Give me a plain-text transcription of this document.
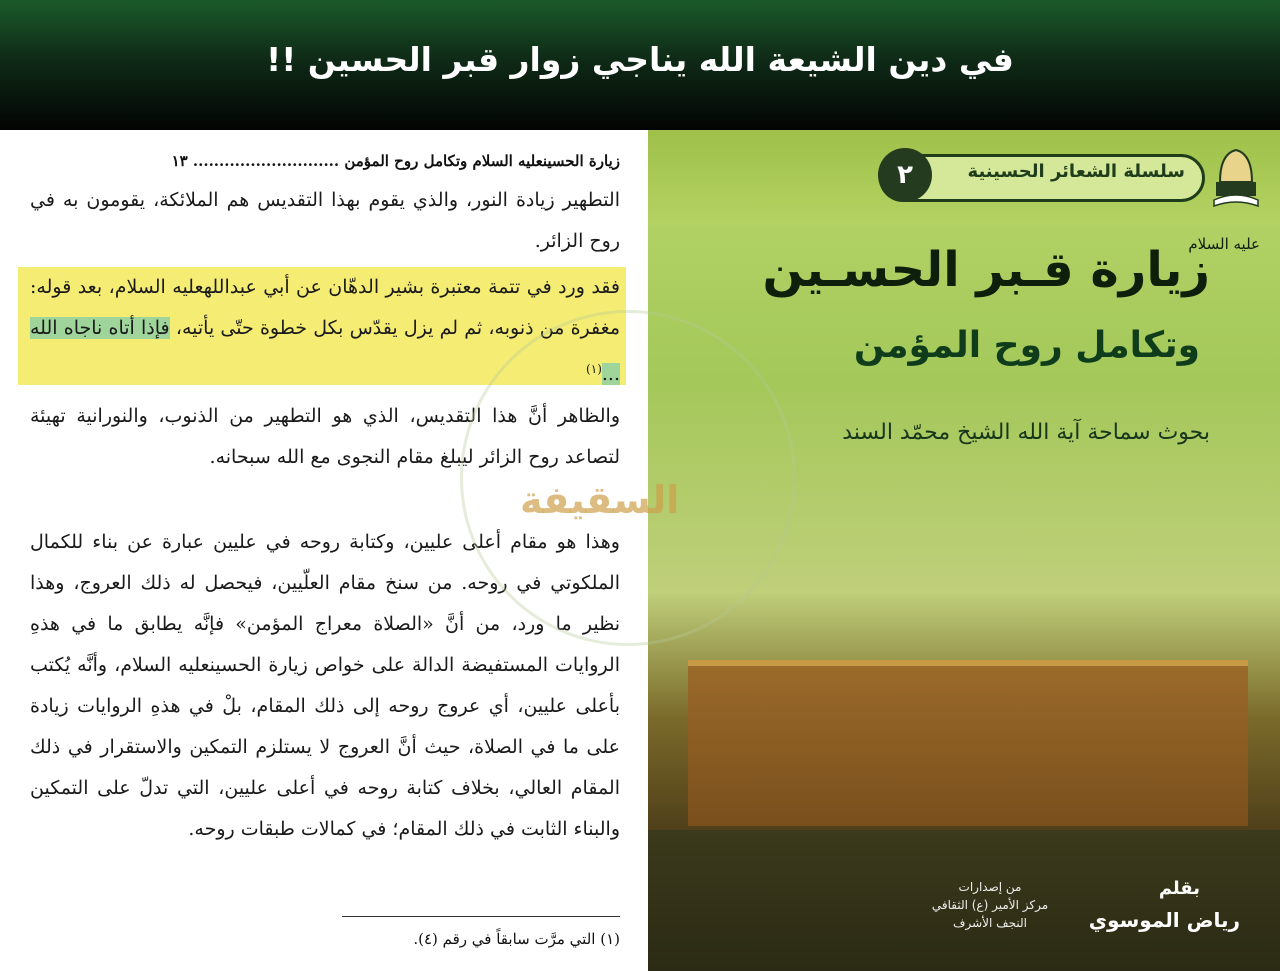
في دين الشيعة الله يناجي زوار قبر الحسين !!
زيارة الحسينعليه السلام وتكامل روح المؤمن ............................ ١٣
التطهير زيادة النور، والذي يقوم بهذا التقديس هم الملائكة، يقومون به في روح الزائر.
فقد ورد في تتمة معتبرة بشير الدهّان عن أبي عبداللهعليه السلام، بعد قوله: مغفرة من ذنوبه، ثم لم يزل يقدّس بكل خطوة حتّى يأتيه، فإذا أتاه ناجاه الله ...$^{(١)}$
والظاهر أنَّ هذا التقديس، الذي هو التطهير من الذنوب، والنورانية تهيئة لتصاعد روح الزائر ليبلغ مقام النجوى مع الله سبحانه.
وهذا هو مقام أعلى عليين، وكتابة روحه في عليين عبارة عن بناء للكمال الملكوتي في روحه. من سنخ مقام العلّيين، فيحصل له ذلك العروج، وهذا نظير ما ورد، من أنَّ «الصلاة معراج المؤمن» فإنَّه يطابق ما في هذهِ الروايات المستفيضة الدالة على خواص زيارة الحسينعليه السلام، وأنَّه يُكتب بأعلى عليين، أي عروج روحه إلى ذلك المقام، بلْ في هذهِ الروايات زيادة على ما في الصلاة، حيث أنَّ العروج لا يستلزم التمكين والاستقرار في ذلك المقام العالي، بخلاف كتابة روحه في أعلى عليين، التي تدلّ على التمكين والبناء الثابت في ذلك المقام؛ في كمالات طبقات روحه.
(١) التي مرَّت سابقاً في رقم (٤).
سلسلة الشعائر الحسينية
٢
زيارة قـبر الحسـين
عليه السلام
وتكامل روح المؤمن
بحوث سماحة آية الله الشيخ محمّد السند
بقلم
رياض الموسوي
من إصدارات
مركز الأمير (ع) الثقافي
النجف الأشرف
السقيفة
